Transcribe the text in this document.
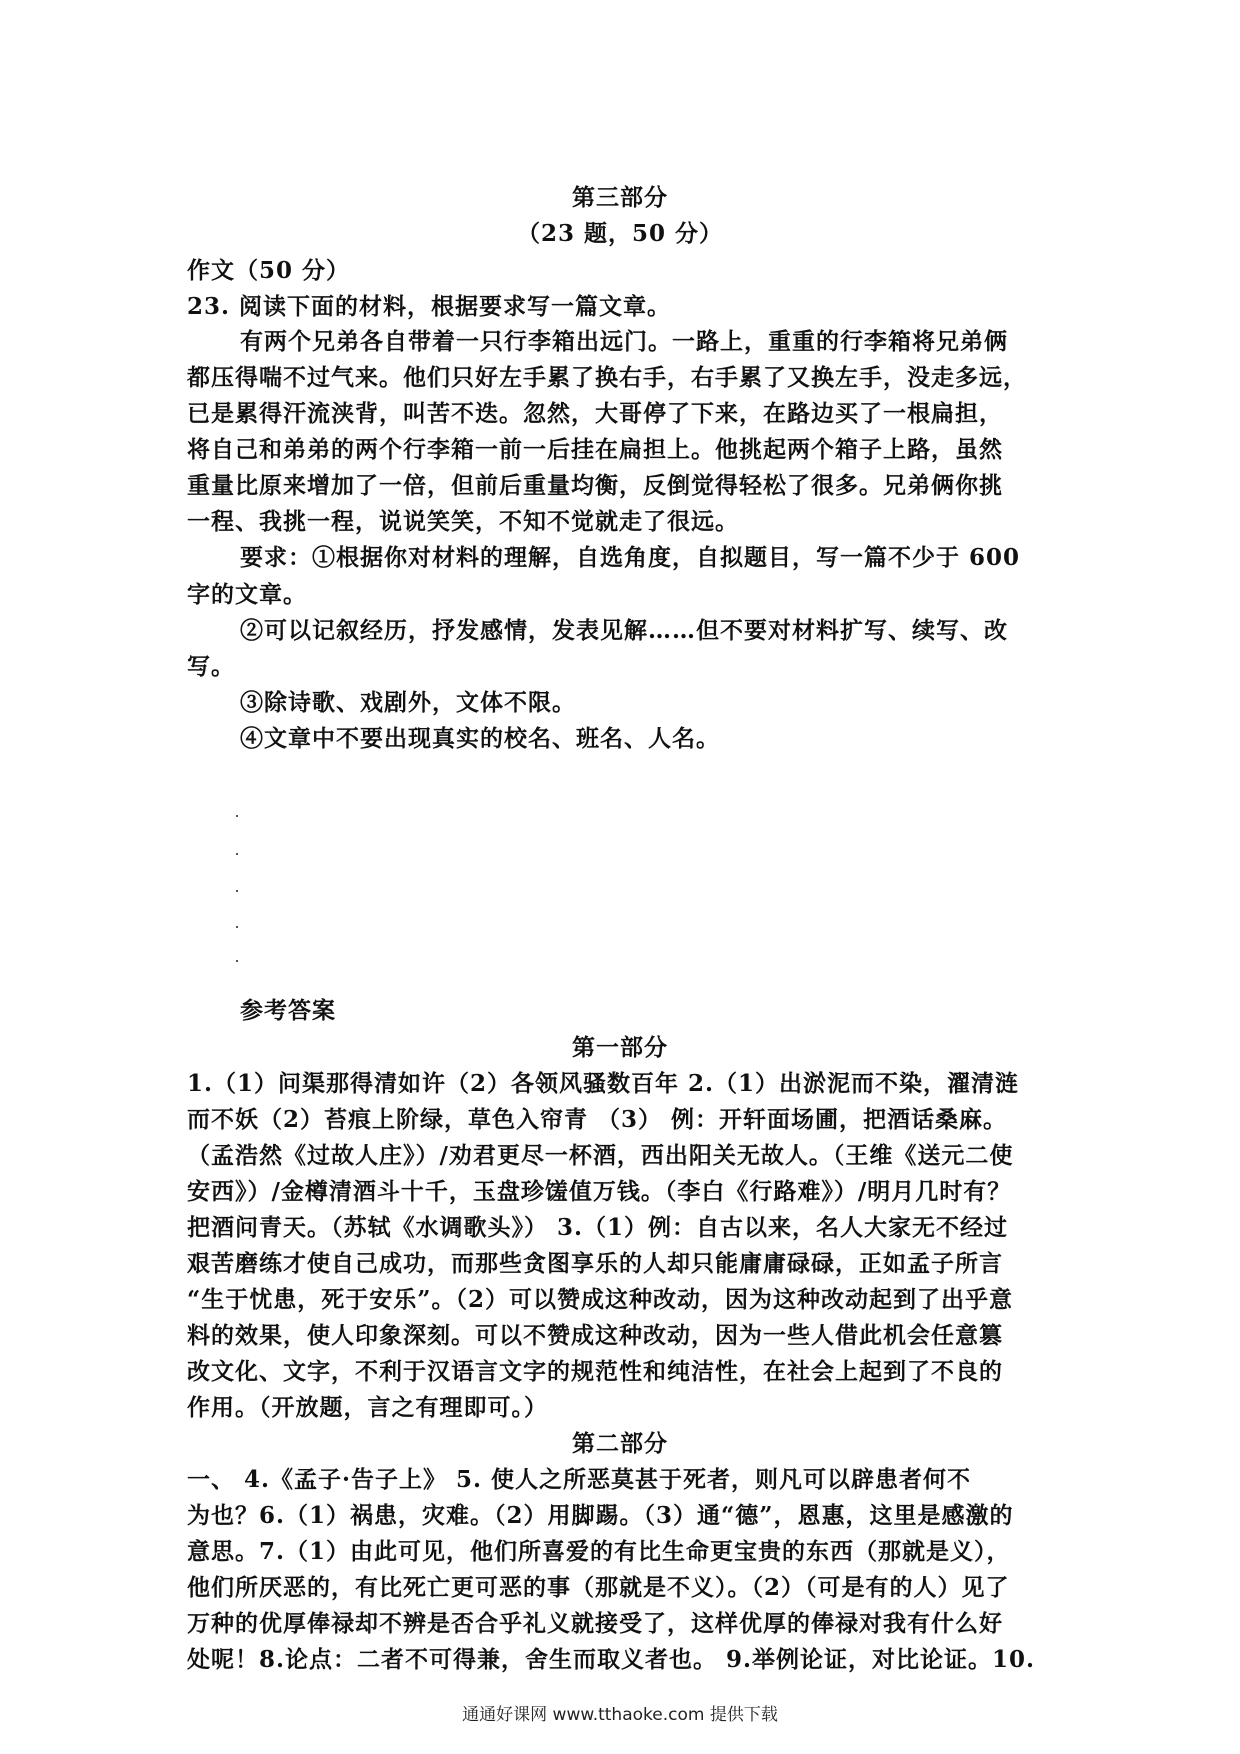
第三部分
（23 题，50 分）
作文（50 分）
23. 阅读下面的材料，根据要求写一篇文章。
有两个兄弟各自带着一只行李箱出远门。一路上，重重的行李箱将兄弟俩
都压得喘不过气来。他们只好左手累了换右手，右手累了又换左手，没走多远，
已是累得汗流浃背，叫苦不迭。忽然，大哥停了下来，在路边买了一根扁担，
将自己和弟弟的两个行李箱一前一后挂在扁担上。他挑起两个箱子上路，虽然
重量比原来增加了一倍，但前后重量均衡，反倒觉得轻松了很多。兄弟俩你挑
一程、我挑一程，说说笑笑，不知不觉就走了很远。
要求：①根据你对材料的理解，自选角度，自拟题目，写一篇不少于 600
字的文章。
②可以记叙经历，抒发感情，发表见解……但不要对材料扩写、续写、改
写。
③除诗歌、戏剧外，文体不限。
④文章中不要出现真实的校名、班名、人名。
参考答案
第一部分
1.（1）问渠那得清如许（2）各领风骚数百年 2.（1）出淤泥而不染，濯清涟
而不妖（2）苔痕上阶绿，草色入帘青 （3） 例：开轩面场圃，把酒话桑麻。
（孟浩然《过故人庄》）/劝君更尽一杯酒，西出阳关无故人。（王维《送元二使
安西》）/金樽清酒斗十千，玉盘珍馐值万钱。（李白《行路难》）/明月几时有？
把酒问青天。（苏轼《水调歌头》） 3.（1）例：自古以来，名人大家无不经过
艰苦磨练才使自己成功，而那些贪图享乐的人却只能庸庸碌碌，正如孟子所言
“生于忧患，死于安乐”。（2）可以赞成这种改动，因为这种改动起到了出乎意
料的效果，使人印象深刻。可以不赞成这种改动，因为一些人借此机会任意篡
改文化、文字，不利于汉语言文字的规范性和纯洁性，在社会上起到了不良的
作用。（开放题，言之有理即可。）
第二部分
一、 4.《孟子·告子上》 5. 使人之所恶莫甚于死者，则凡可以辟患者何不
为也？6.（1）祸患，灾难。（2）用脚踢。（3）通“德”，恩惠，这里是感激的
意思。7.（1）由此可见，他们所喜爱的有比生命更宝贵的东西（那就是义），
他们所厌恶的，有比死亡更可恶的事（那就是不义）。（2）（可是有的人）见了
万种的优厚俸禄却不辨是否合乎礼义就接受了，这样优厚的俸禄对我有什么好
处呢！8.论点：二者不可得兼，舍生而取义者也。 9.举例论证，对比论证。10.
通通好课网 www.tthaoke.com 提供下载
